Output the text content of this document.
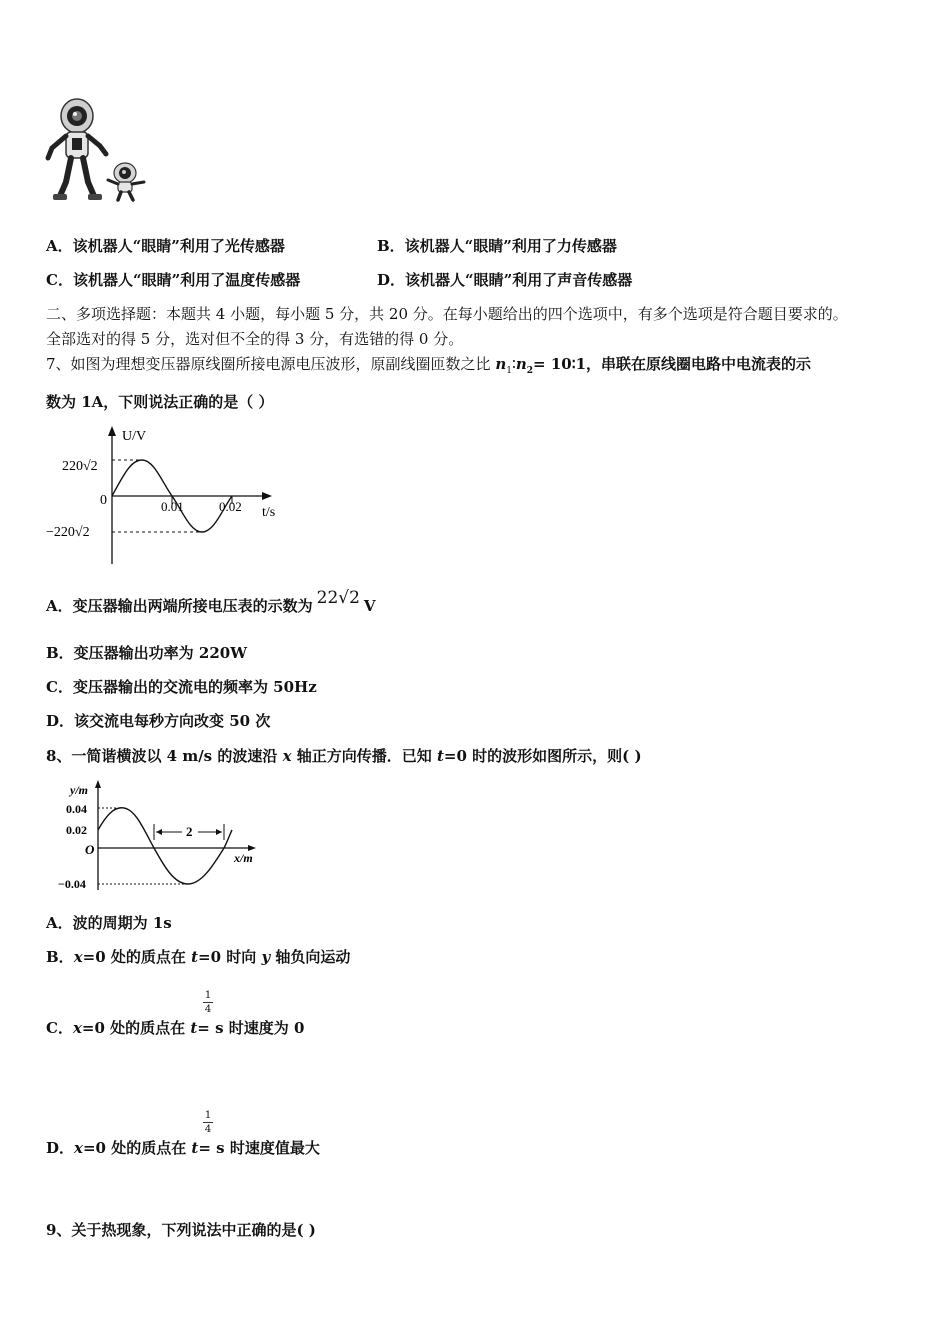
A．该机器人“眼睛”利用了光传感器	B．该机器人“眼睛”利用了力传感器
C．该机器人“眼睛”利用了温度传感器	D．该机器人“眼睛”利用了声音传感器
二、多项选择题：本题共 4 小题，每小题 5 分，共 20 分。在每小题给出的四个选项中，有多个选项是符合题目要求的。
全部选对的得 5 分，选对但不全的得 3 分，有选错的得 0 分。
7、如图为理想变压器原线圈所接电源电压波形，原副线圈匝数之比 $n_1∶n_2=$ 10∶1，串联在原线圈电路中电流表的示
数为 1A，下则说法正确的是（ ）
U/V
t/s
220√2
0
−220√2
0.01	0.02
A．变压器输出两端所接电压表的示数为 22√2 V
B．变压器输出功率为 220W
C．变压器输出的交流电的频率为 50Hz
D．该交流电每秒方向改变 50 次
8、一简谐横波以 4 m/s 的波速沿 x 轴正方向传播．已知 t=0 时的波形如图所示，则( )
2
y/m
x/m
0.04
0.02
O
−0.04
A．波的周期为 1s
B．x=0 处的质点在 t=0 时向 y 轴负向运动
1
4
C．x=0 处的质点在 t= s 时速度为 0
1
4
D．x=0 处的质点在 t= s 时速度值最大
9、关于热现象，下列说法中正确的是( )
